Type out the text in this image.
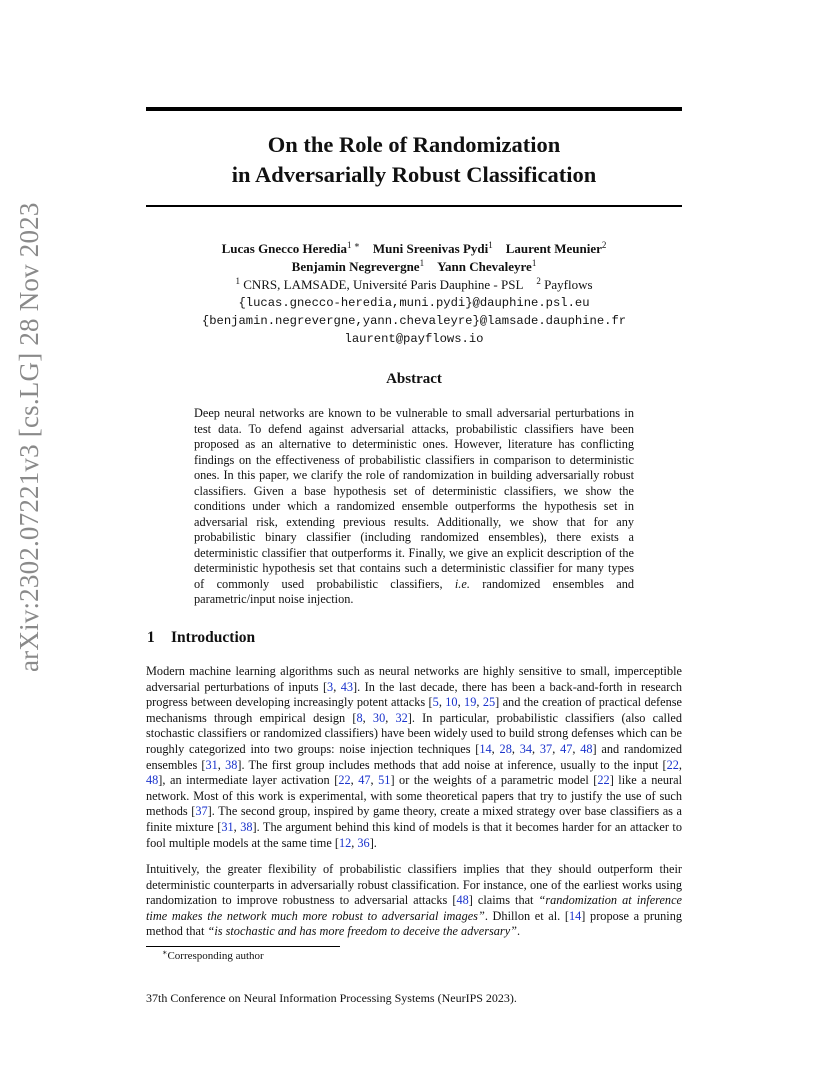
arXiv:2302.07221v3 [cs.LG] 28 Nov 2023
On the Role of Randomization
in Adversarially Robust Classification
Lucas Gnecco Heredia$^{1 ∗}$ Muni Sreenivas Pydi$^1$ Laurent Meunier$^2$
Benjamin Negrevergne$^1$ Yann Chevaleyre$^1$
$^1$ CNRS, LAMSADE, Université Paris Dauphine - PSL $^2$ Payflows
{lucas.gnecco-heredia,muni.pydi}@dauphine.psl.eu
{benjamin.negrevergne,yann.chevaleyre}@lamsade.dauphine.fr
laurent@payflows.io
Abstract
Deep neural networks are known to be vulnerable to small adversarial perturbations in test data. To defend against adversarial attacks, probabilistic classifiers have been proposed as an alternative to deterministic ones. However, literature has conflicting findings on the effectiveness of probabilistic classifiers in comparison to deterministic ones. In this paper, we clarify the role of randomization in building adversarially robust classifiers. Given a base hypothesis set of deterministic classifiers, we show the conditions under which a randomized ensemble outperforms the hypothesis set in adversarial risk, extending previous results. Additionally, we show that for any probabilistic binary classifier (including randomized ensembles), there exists a deterministic classifier that outperforms it. Finally, we give an explicit description of the deterministic hypothesis set that contains such a deterministic classifier for many types of commonly used probabilistic classifiers, i.e. randomized ensembles and parametric/input noise injection.
1 Introduction
Modern machine learning algorithms such as neural networks are highly sensitive to small, imperceptible adversarial perturbations of inputs [3, 43]. In the last decade, there has been a back-and-forth in research progress between developing increasingly potent attacks [5, 10, 19, 25] and the creation of practical defense mechanisms through empirical design [8, 30, 32]. In particular, probabilistic classifiers (also called stochastic classifiers or randomized classifiers) have been widely used to build strong defenses which can be roughly categorized into two groups: noise injection techniques [14, 28, 34, 37, 47, 48] and randomized ensembles [31, 38]. The first group includes methods that add noise at inference, usually to the input [22, 48], an intermediate layer activation [22, 47, 51] or the weights of a parametric model [22] like a neural network. Most of this work is experimental, with some theoretical papers that try to justify the use of such methods [37]. The second group, inspired by game theory, create a mixed strategy over base classifiers as a finite mixture [31, 38]. The argument behind this kind of models is that it becomes harder for an attacker to fool multiple models at the same time [12, 36].
Intuitively, the greater flexibility of probabilistic classifiers implies that they should outperform their deterministic counterparts in adversarially robust classification. For instance, one of the earliest works using randomization to improve robustness to adversarial attacks [48] claims that “randomization at inference time makes the network much more robust to adversarial images”. Dhillon et al. [14] propose a pruning method that “is stochastic and has more freedom to deceive the adversary”.
∗Corresponding author
37th Conference on Neural Information Processing Systems (NeurIPS 2023).
